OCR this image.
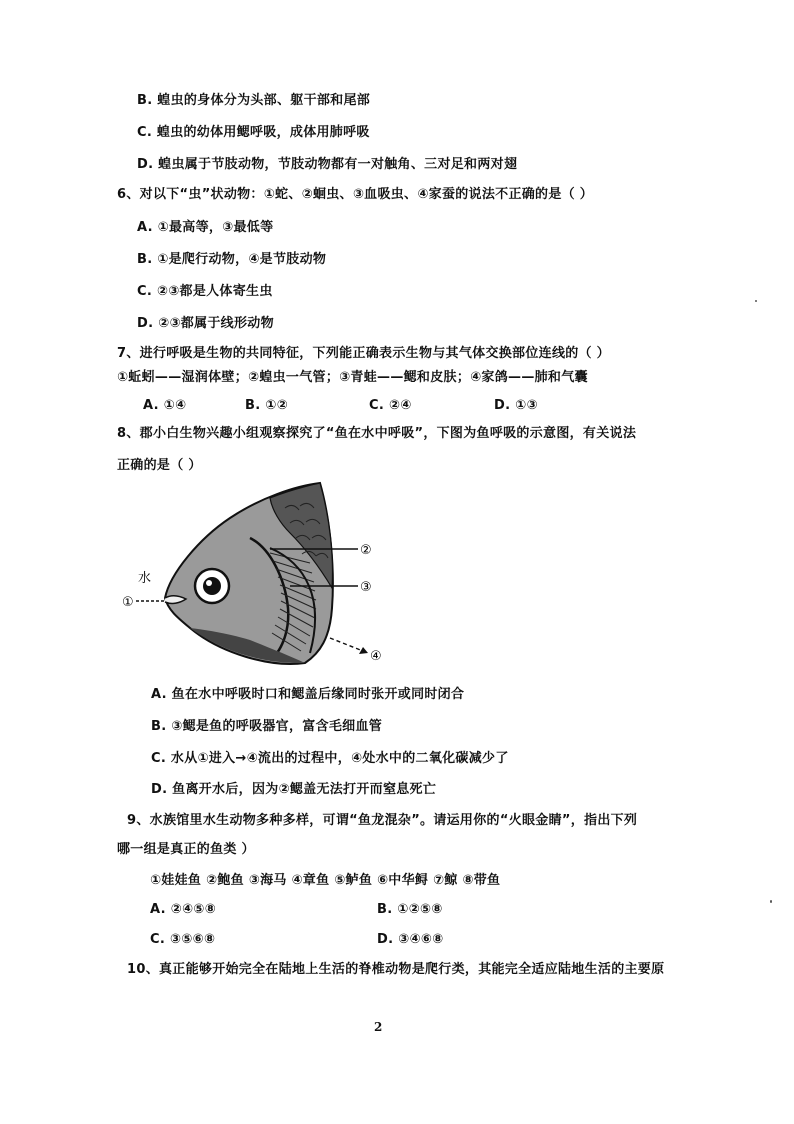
B. 蝗虫的身体分为头部、躯干部和尾部
C. 蝗虫的幼体用鳃呼吸，成体用肺呼吸
D. 蝗虫属于节肢动物，节肢动物都有一对触角、三对足和两对翅
6、对以下“虫”状动物：①蛇、②蛔虫、③血吸虫、④家蚕的说法不正确的是（ ）
A. ①最高等，③最低等
B. ①是爬行动物，④是节肢动物
C. ②③都是人体寄生虫
D. ②③都属于线形动物
7、进行呼吸是生物的共同特征，下列能正确表示生物与其气体交换部位连线的（ ）
①蚯蚓——湿润体壁；②蝗虫一气管；③青蛙——鳃和皮肤；④家鸽——肺和气囊
A. ①④	B. ①②	C. ②④	D. ①③
8、郡小白生物兴趣小组观察探究了“鱼在水中呼吸”，下图为鱼呼吸的示意图，有关说法
正确的是（ ）
水
①
②
③
④
A. 鱼在水中呼吸时口和鳃盖后缘同时张开或同时闭合
B. ③鳃是鱼的呼吸器官，富含毛细血管
C. 水从①进入→④流出的过程中，④处水中的二氧化碳减少了
D. 鱼离开水后，因为②鳃盖无法打开而窒息死亡
9、水族馆里水生动物多种多样，可谓“鱼龙混杂”。请运用你的“火眼金睛”，指出下列
哪一组是真正的鱼类 ）
①娃娃鱼 ②鲍鱼 ③海马 ④章鱼 ⑤鲈鱼 ⑥中华鲟 ⑦鲸 ⑧带鱼
A. ②④⑤⑧	B. ①②⑤⑧
C. ③⑤⑥⑧	D. ③④⑥⑧
10、真正能够开始完全在陆地上生活的脊椎动物是爬行类，其能完全适应陆地生活的主要原
2
